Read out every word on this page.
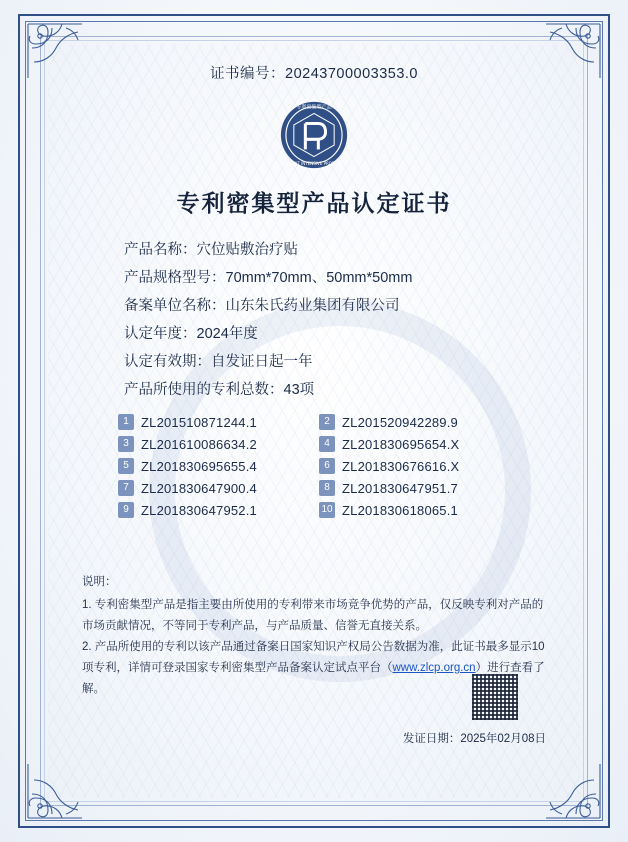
证书编号：20243700003353.0
专利密集型产品
PATENT INTENSIVE PRODUCT
专利密集型产品认定证书
产品名称： 穴位贴敷治疗贴
产品规格型号： 70mm*70mm、50mm*50mm
备案单位名称： 山东朱氏药业集团有限公司
认定年度： 2024年度
认定有效期： 自发证日起一年
产品所使用的专利总数： 43项
1 ZL201510871244.1	2 ZL201520942289.9
3 ZL201610086634.2	4 ZL201830695654.X
5 ZL201830695655.4	6 ZL201830676616.X
7 ZL201830647900.4	8 ZL201830647951.7
9 ZL201830647952.1	10 ZL201830618065.1
说明：
1. 专利密集型产品是指主要由所使用的专利带来市场竞争优势的产品，仅反映专利对产品的市场贡献情况，不等同于专利产品，与产品质量、信誉无直接关系。
2. 产品所使用的专利以该产品通过备案日国家知识产权局公告数据为准，此证书最多显示10项专利，详情可登录国家专利密集型产品备案认定试点平台（www.zlcp.org.cn）进行查看了解。
发证日期：2025年02月08日
